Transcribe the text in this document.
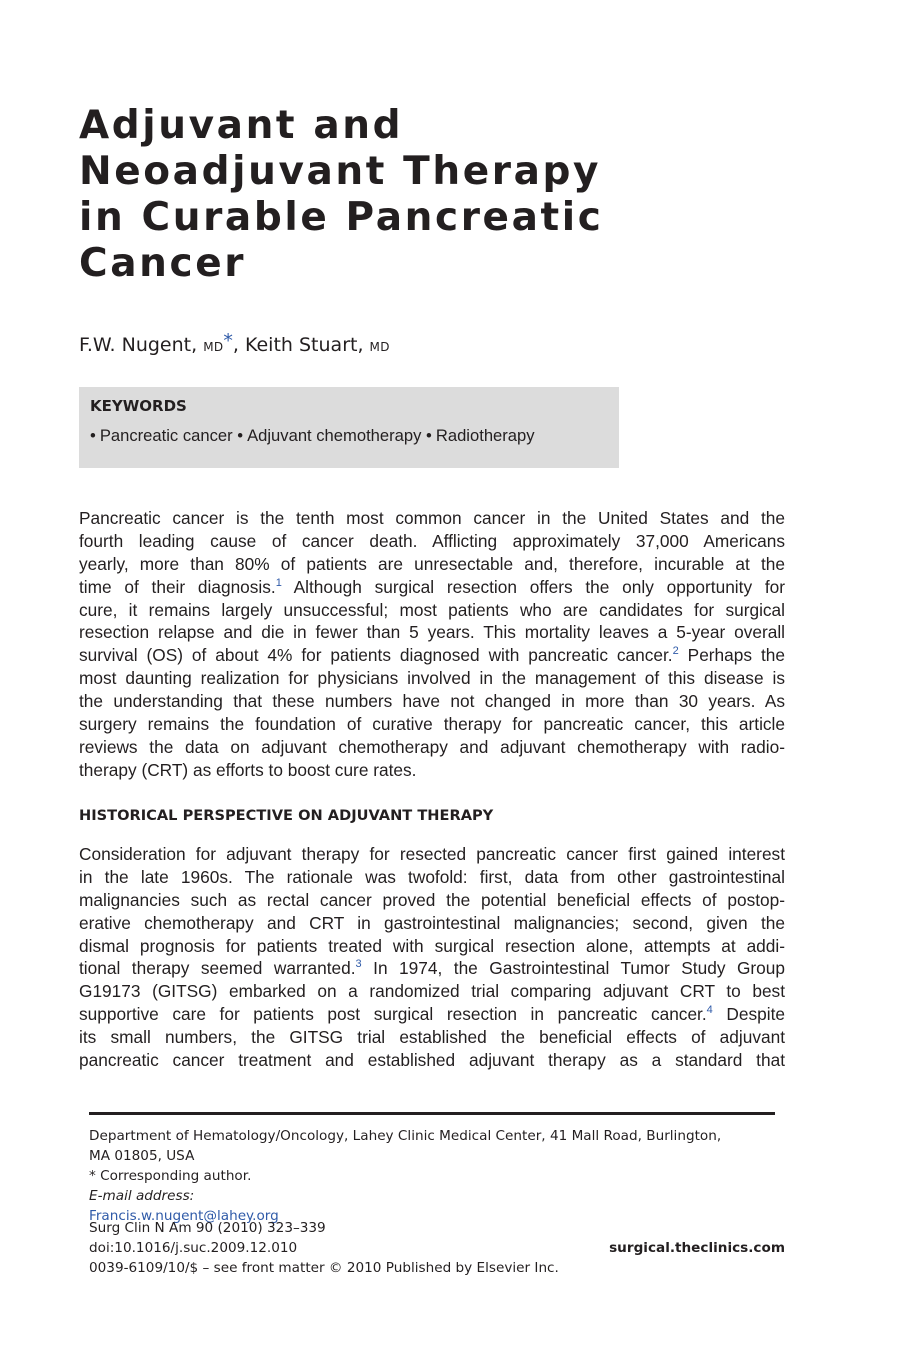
Adjuvant and
Neoadjuvant Therapy
in Curable Pancreatic
Cancer
F.W. Nugent, MD*, Keith Stuart, MD
KEYWORDS
• Pancreatic cancer • Adjuvant chemotherapy • Radiotherapy
Pancreatic cancer is the tenth most common cancer in the United States and the
fourth leading cause of cancer death. Afflicting approximately 37,000 Americans
yearly, more than 80% of patients are unresectable and, therefore, incurable at the
time of their diagnosis.$^1$ Although surgical resection offers the only opportunity for
cure, it remains largely unsuccessful; most patients who are candidates for surgical
resection relapse and die in fewer than 5 years. This mortality leaves a 5-year overall
survival (OS) of about 4% for patients diagnosed with pancreatic cancer.$^2$ Perhaps the
most daunting realization for physicians involved in the management of this disease is
the understanding that these numbers have not changed in more than 30 years. As
surgery remains the foundation of curative therapy for pancreatic cancer, this article
reviews the data on adjuvant chemotherapy and adjuvant chemotherapy with radio-
therapy (CRT) as efforts to boost cure rates.
HISTORICAL PERSPECTIVE ON ADJUVANT THERAPY
Consideration for adjuvant therapy for resected pancreatic cancer first gained interest
in the late 1960s. The rationale was twofold: first, data from other gastrointestinal
malignancies such as rectal cancer proved the potential beneficial effects of postop-
erative chemotherapy and CRT in gastrointestinal malignancies; second, given the
dismal prognosis for patients treated with surgical resection alone, attempts at addi-
tional therapy seemed warranted.$^3$ In 1974, the Gastrointestinal Tumor Study Group
G19173 (GITSG) embarked on a randomized trial comparing adjuvant CRT to best
supportive care for patients post surgical resection in pancreatic cancer.$^4$ Despite
its small numbers, the GITSG trial established the beneficial effects of adjuvant
pancreatic cancer treatment and established adjuvant therapy as a standard that
Department of Hematology/Oncology, Lahey Clinic Medical Center, 41 Mall Road, Burlington,
MA 01805, USA
* Corresponding author.
E-mail address:
Francis.w.nugent@lahey.org
Surg Clin N Am 90 (2010) 323–339
doi:10.1016/j.suc.2009.12.010
0039-6109/10/$ – see front matter © 2010 Published by Elsevier Inc.
surgical.theclinics.com
